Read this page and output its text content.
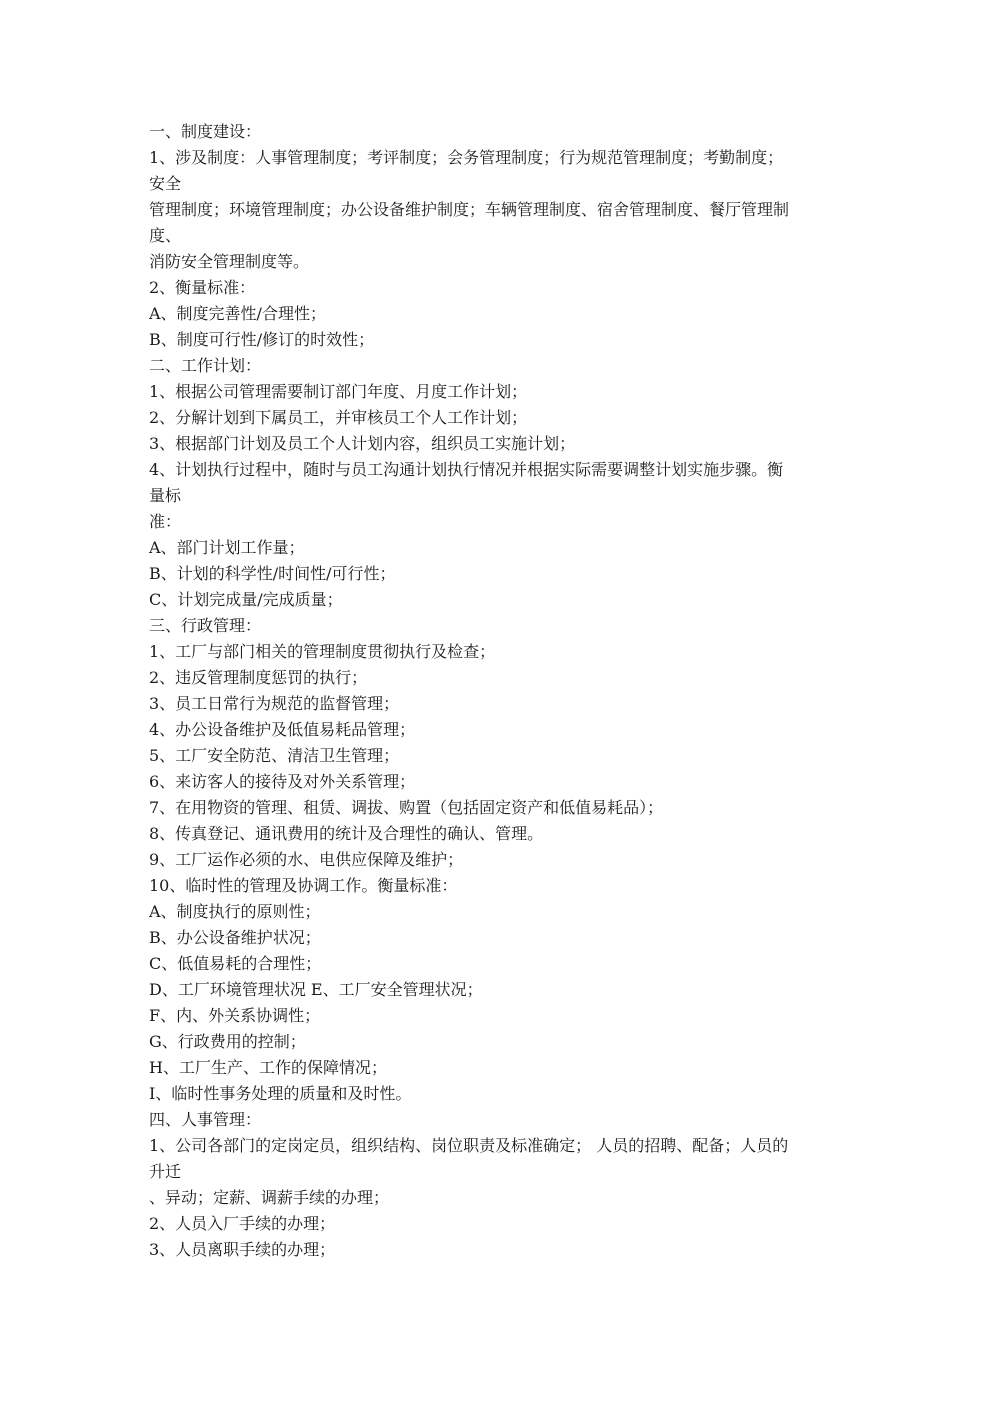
一、制度建设：
1、涉及制度：人事管理制度；考评制度；会务管理制度；行为规范管理制度；考勤制度；
安全
管理制度；环境管理制度；办公设备维护制度；车辆管理制度、宿舍管理制度、餐厅管理制
度、
消防安全管理制度等。
2、衡量标准：
A、制度完善性/合理性；
B、制度可行性/修订的时效性；
二、工作计划：
1、根据公司管理需要制订部门年度、月度工作计划；
2、分解计划到下属员工，并审核员工个人工作计划；
3、根据部门计划及员工个人计划内容，组织员工实施计划；
4、计划执行过程中，随时与员工沟通计划执行情况并根据实际需要调整计划实施步骤。衡
量标
准：
A、部门计划工作量；
B、计划的科学性/时间性/可行性；
C、计划完成量/完成质量；
三、行政管理：
1、工厂与部门相关的管理制度贯彻执行及检查；
2、违反管理制度惩罚的执行；
3、员工日常行为规范的监督管理；
4、办公设备维护及低值易耗品管理；
5、工厂安全防范、清洁卫生管理；
6、来访客人的接待及对外关系管理；
7、在用物资的管理、租赁、调拔、购置（包括固定资产和低值易耗品）；
8、传真登记、通讯费用的统计及合理性的确认、管理。
9、工厂运作必须的水、电供应保障及维护；
10、临时性的管理及协调工作。衡量标准：
A、制度执行的原则性；
B、办公设备维护状况；
C、低值易耗的合理性；
D、工厂环境管理状况 E、工厂安全管理状况；
F、内、外关系协调性；
G、行政费用的控制；
H、工厂生产、工作的保障情况；
I、临时性事务处理的质量和及时性。
四、人事管理：
1、公司各部门的定岗定员，组织结构、岗位职责及标准确定； 人员的招聘、配备；人员的
升迁
、异动；定薪、调薪手续的办理；
2、人员入厂手续的办理；
3、人员离职手续的办理；
